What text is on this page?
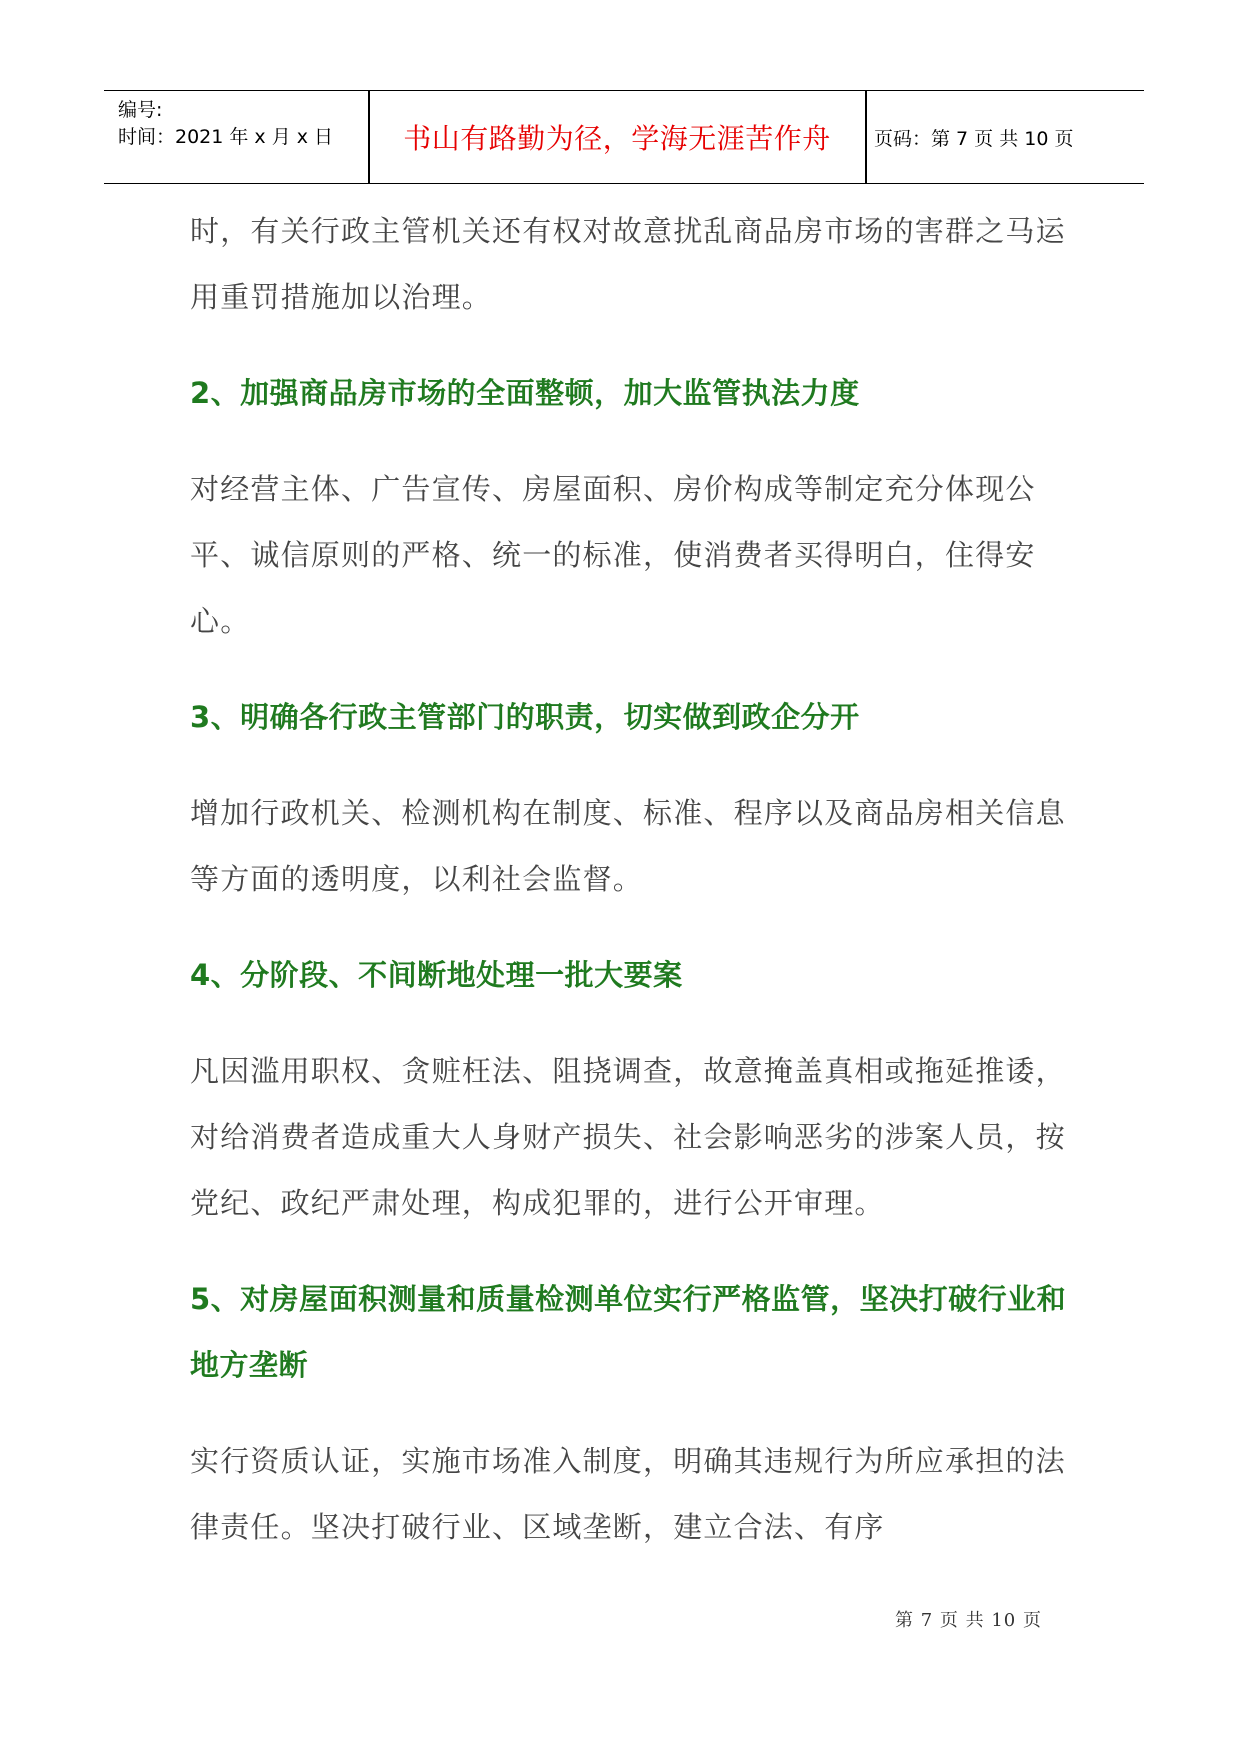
编号:
时间：2021 年 x 月 x 日	书山有路勤为径，学海无涯苦作舟	页码：第 7 页 共 10 页

时，有关行政主管机关还有权对故意扰乱商品房市场的害群之马运用重罚措施加以治理。

2、加强商品房市场的全面整顿，加大监管执法力度

对经营主体、广告宣传、房屋面积、房价构成等制定充分体现公平、诚信原则的严格、统一的标准，使消费者买得明白，住得安心。

3、明确各行政主管部门的职责，切实做到政企分开

增加行政机关、检测机构在制度、标准、程序以及商品房相关信息等方面的透明度，以利社会监督。

4、分阶段、不间断地处理一批大要案

凡因滥用职权、贪赃枉法、阻挠调查，故意掩盖真相或拖延推诿，对给消费者造成重大人身财产损失、社会影响恶劣的涉案人员，按党纪、政纪严肃处理，构成犯罪的，进行公开审理。

5、对房屋面积测量和质量检测单位实行严格监管，坚决打破行业和地方垄断

实行资质认证，实施市场准入制度，明确其违规行为所应承担的法律责任。坚决打破行业、区域垄断，建立合法、有序

第 7 页 共 10 页
